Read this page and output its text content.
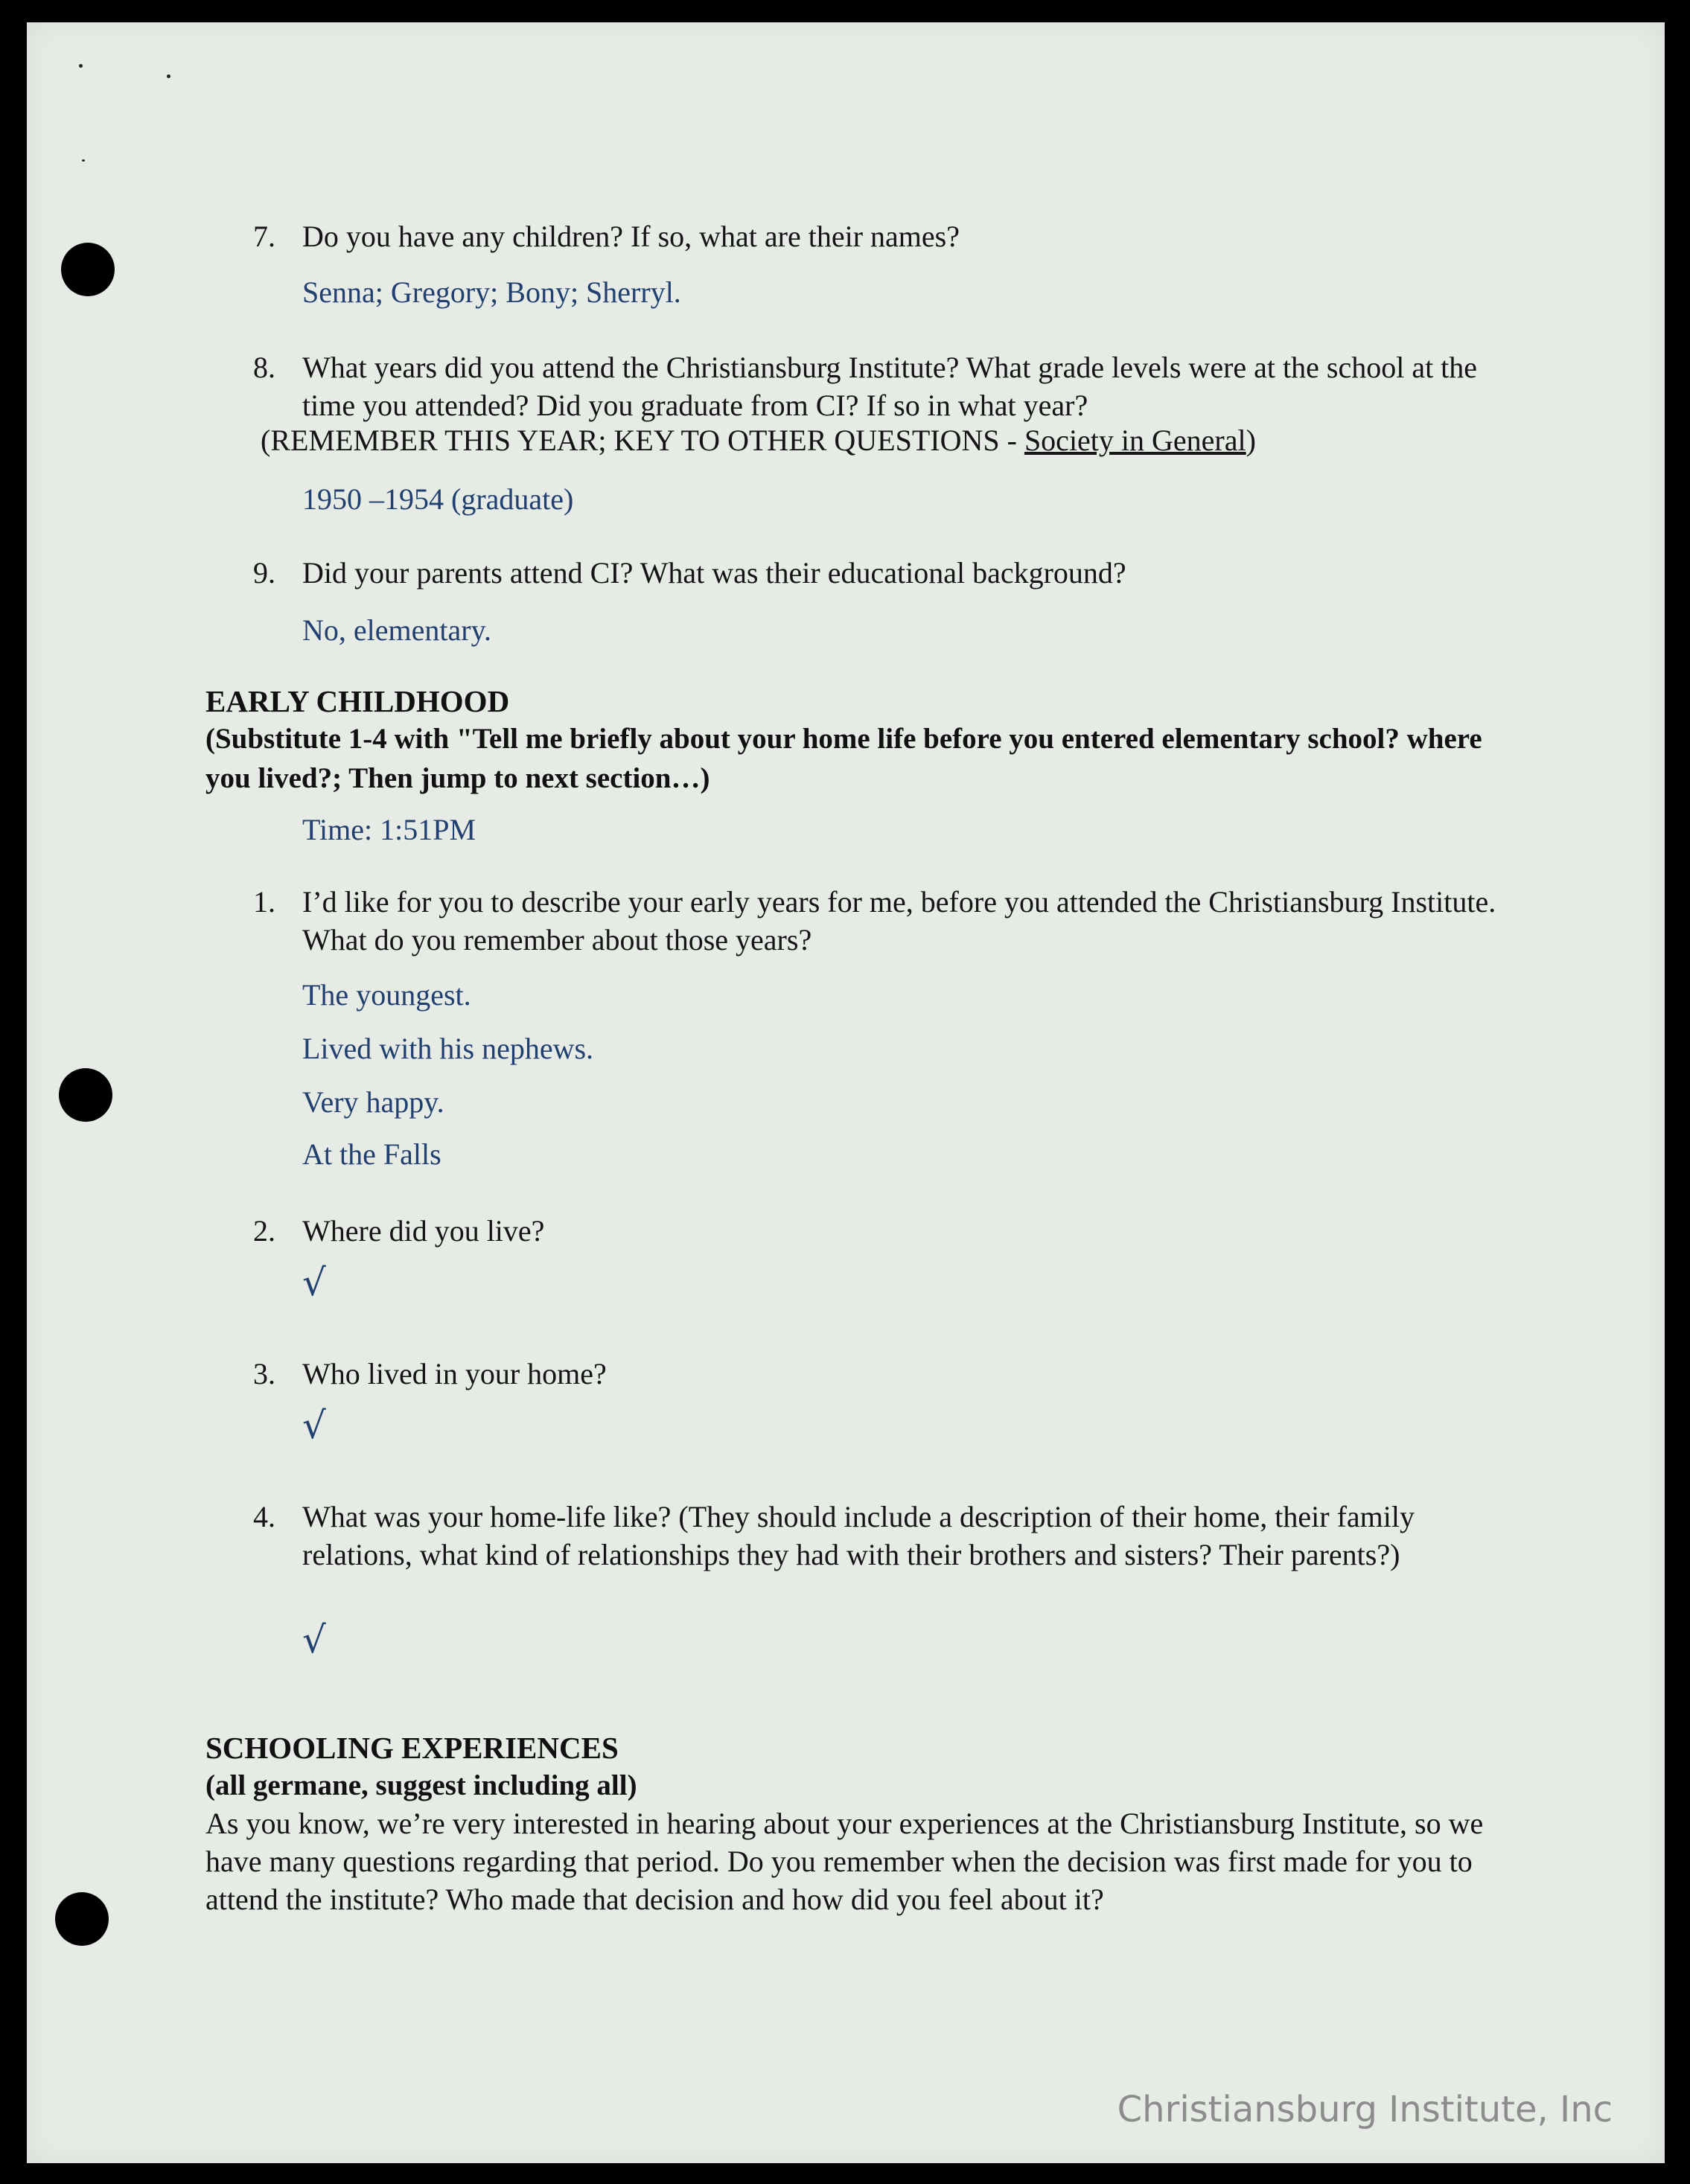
7. Do you have any children? If so, what are their names?
Senna; Gregory; Bony; Sherryl.
8. What years did you attend the Christiansburg Institute? What grade levels were at the school at the time you attended? Did you graduate from CI? If so in what year?
(REMEMBER THIS YEAR; KEY TO OTHER QUESTIONS - Society in General)
1950 –1954 (graduate)
9. Did your parents attend CI? What was their educational background?
No, elementary.
EARLY CHILDHOOD
(Substitute 1-4 with "Tell me briefly about your home life before you entered elementary school? where you lived?; Then jump to next section…)
Time: 1:51PM
1. I’d like for you to describe your early years for me, before you attended the Christiansburg Institute. What do you remember about those years?
The youngest.
Lived with his nephews.
Very happy.
At the Falls
2. Where did you live?
√
3. Who lived in your home?
√
4. What was your home-life like? (They should include a description of their home, their family relations, what kind of relationships they had with their brothers and sisters? Their parents?)
√
SCHOOLING EXPERIENCES
(all germane, suggest including all)
As you know, we’re very interested in hearing about your experiences at the Christiansburg Institute, so we have many questions regarding that period. Do you remember when the decision was first made for you to attend the institute? Who made that decision and how did you feel about it?
Christiansburg Institute, Inc
